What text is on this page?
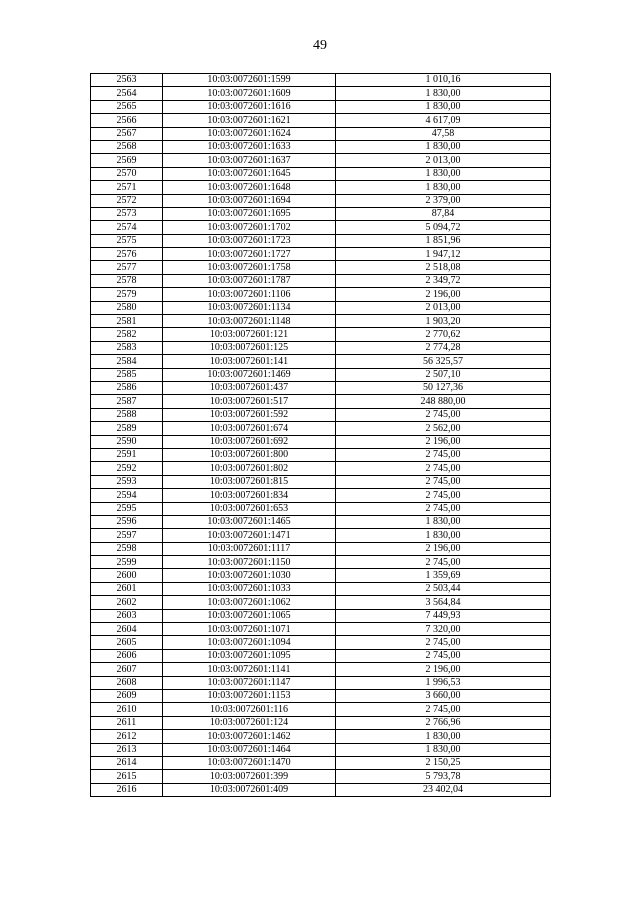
49
2563	10:03:0072601:1599	1 010,16
2564	10:03:0072601:1609	1 830,00
2565	10:03:0072601:1616	1 830,00
2566	10:03:0072601:1621	4 617,09
2567	10:03:0072601:1624	47,58
2568	10:03:0072601:1633	1 830,00
2569	10:03:0072601:1637	2 013,00
2570	10:03:0072601:1645	1 830,00
2571	10:03:0072601:1648	1 830,00
2572	10:03:0072601:1694	2 379,00
2573	10:03:0072601:1695	87,84
2574	10:03:0072601:1702	5 094,72
2575	10:03:0072601:1723	1 851,96
2576	10:03:0072601:1727	1 947,12
2577	10:03:0072601:1758	2 518,08
2578	10:03:0072601:1787	2 349,72
2579	10:03:0072601:1106	2 196,00
2580	10:03:0072601:1134	2 013,00
2581	10:03:0072601:1148	1 903,20
2582	10:03:0072601:121	2 770,62
2583	10:03:0072601:125	2 774,28
2584	10:03:0072601:141	56 325,57
2585	10:03:0072601:1469	2 507,10
2586	10:03:0072601:437	50 127,36
2587	10:03:0072601:517	248 880,00
2588	10:03:0072601:592	2 745,00
2589	10:03:0072601:674	2 562,00
2590	10:03:0072601:692	2 196,00
2591	10:03:0072601:800	2 745,00
2592	10:03:0072601:802	2 745,00
2593	10:03:0072601:815	2 745,00
2594	10:03:0072601:834	2 745,00
2595	10:03:0072601:653	2 745,00
2596	10:03:0072601:1465	1 830,00
2597	10:03:0072601:1471	1 830,00
2598	10:03:0072601:1117	2 196,00
2599	10:03:0072601:1150	2 745,00
2600	10:03:0072601:1030	1 359,69
2601	10:03:0072601:1033	2 503,44
2602	10:03:0072601:1062	3 564,84
2603	10:03:0072601:1065	7 449,93
2604	10:03:0072601:1071	7 320,00
2605	10:03:0072601:1094	2 745,00
2606	10:03:0072601:1095	2 745,00
2607	10:03:0072601:1141	2 196,00
2608	10:03:0072601:1147	1 996,53
2609	10:03:0072601:1153	3 660,00
2610	10:03:0072601:116	2 745,00
2611	10:03:0072601:124	2 766,96
2612	10:03:0072601:1462	1 830,00
2613	10:03:0072601:1464	1 830,00
2614	10:03:0072601:1470	2 150,25
2615	10:03:0072601:399	5 793,78
2616	10:03:0072601:409	23 402,04
